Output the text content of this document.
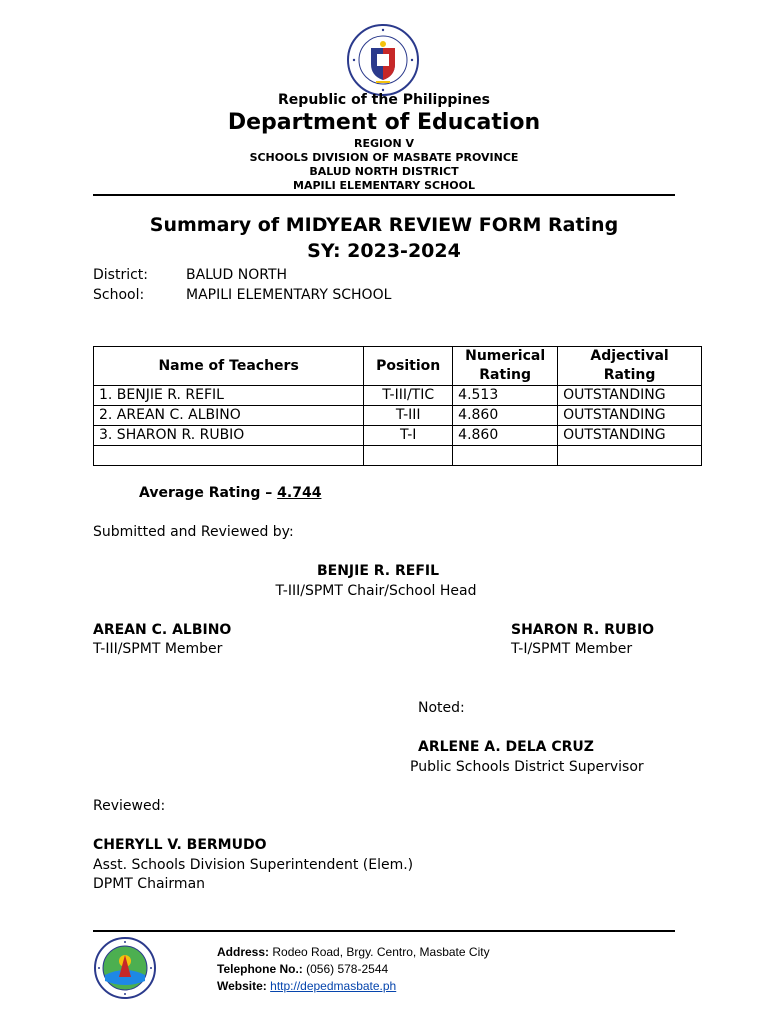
Republic of the Philippines
Department of Education
REGION V
SCHOOLS DIVISION OF MASBATE PROVINCE
BALUD NORTH DISTRICT
MAPILI ELEMENTARY SCHOOL
Summary of MIDYEAR REVIEW FORM Rating
SY: 2023-2024
District:	BALUD NORTH
School:	MAPILI ELEMENTARY SCHOOL
Name of Teachers	Position	Numerical Rating	Adjectival Rating
1. BENJIE R. REFIL	T-III/TIC	4.513	OUTSTANDING
2. AREAN C. ALBINO	T-III	4.860	OUTSTANDING
3. SHARON R. RUBIO	T-I	4.860	OUTSTANDING

Average Rating – 4.744
Submitted and Reviewed by:
BENJIE R. REFIL
T-III/SPMT Chair/School Head
AREAN C. ALBINO
T-III/SPMT Member
SHARON R. RUBIO
T-I/SPMT Member
Noted:
ARLENE A. DELA CRUZ
Public Schools District Supervisor
Reviewed:
CHERYLL V. BERMUDO
Asst. Schools Division Superintendent (Elem.)
DPMT Chairman
Address: Rodeo Road, Brgy. Centro, Masbate City
Telephone No.: (056) 578-2544
Website: http://depedmasbate.ph
